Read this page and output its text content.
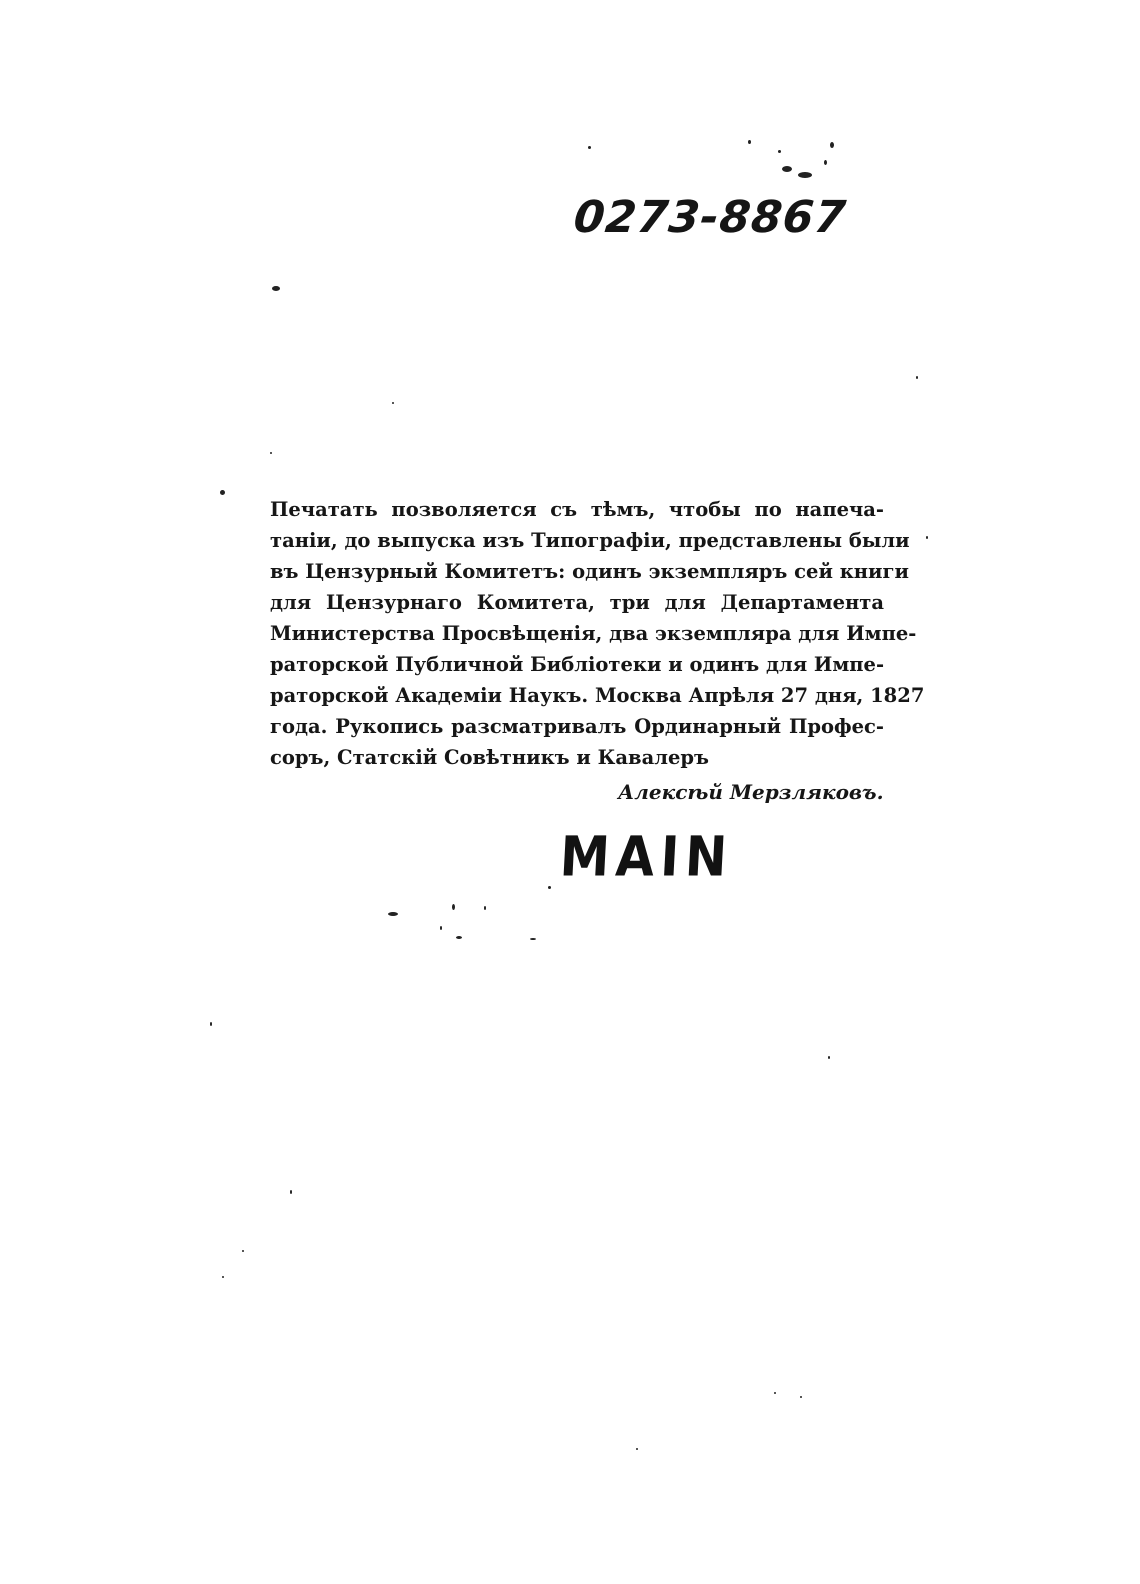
0273-8867
Печатать позволяется съ тѣмъ, чтобы по напеча-
таніи, до выпуска изъ Типографіи, представлены были
въ Цензурный Комитетъ: одинъ экземпляръ сей книги
для Цензурнаго Комитета, три для Департамента
Министерства Просвѣщенія, два экземпляра для Импе-
раторской Публичной Библіотеки и одинъ для Импе-
раторской Академіи Наукъ. Москва Апрѣля 27 дня, 1827
года. Рукопись разсматривалъ Ординарный Профес-
соръ, Статскій Совѣтникъ и Кавалеръ
Алексѣй Мерзляковъ.
MAIN
